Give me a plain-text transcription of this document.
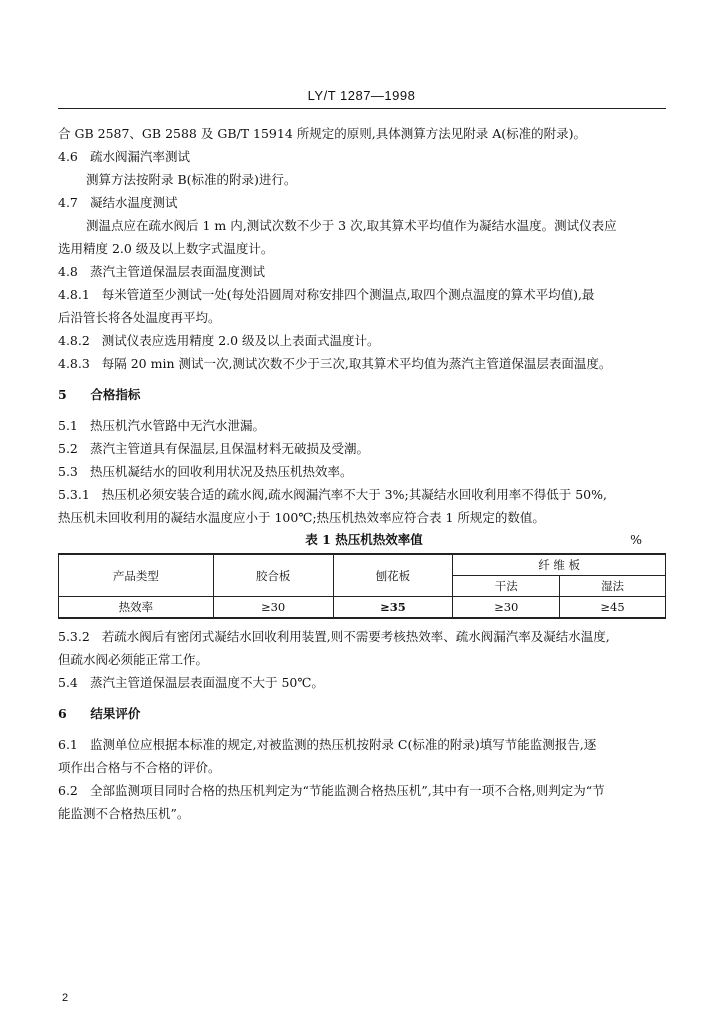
LY/T 1287—1998
合 GB 2587、GB 2588 及 GB/T 15914 所规定的原则,具体测算方法见附录 A(标准的附录)。
4.6 疏水阀漏汽率测试
测算方法按附录 B(标准的附录)进行。
4.7 凝结水温度测试
测温点应在疏水阀后 1 m 内,测试次数不少于 3 次,取其算术平均值作为凝结水温度。测试仪表应
选用精度 2.0 级及以上数字式温度计。
4.8 蒸汽主管道保温层表面温度测试
4.8.1 每米管道至少测试一处(每处沿圆周对称安排四个测温点,取四个测点温度的算术平均值),最
后沿管长将各处温度再平均。
4.8.2 测试仪表应选用精度 2.0 级及以上表面式温度计。
4.8.3 每隔 20 min 测试一次,测试次数不少于三次,取其算术平均值为蒸汽主管道保温层表面温度。
5 合格指标
5.1 热压机汽水管路中无汽水泄漏。
5.2 蒸汽主管道具有保温层,且保温材料无破损及受潮。
5.3 热压机凝结水的回收利用状况及热压机热效率。
5.3.1 热压机必须安装合适的疏水阀,疏水阀漏汽率不大于 3%;其凝结水回收利用率不得低于 50%,
热压机未回收利用的凝结水温度应小于 100℃;热压机热效率应符合表 1 所规定的数值。
表 1 热压机热效率值	%
产品类型	胶合板	刨花板	纤 维 板	
			干法	湿法
热效率	≥30	≥35	≥30	≥45
5.3.2 若疏水阀后有密闭式凝结水回收利用装置,则不需要考核热效率、疏水阀漏汽率及凝结水温度,
但疏水阀必须能正常工作。
5.4 蒸汽主管道保温层表面温度不大于 50℃。
6 结果评价
6.1 监测单位应根据本标准的规定,对被监测的热压机按附录 C(标准的附录)填写节能监测报告,逐
项作出合格与不合格的评价。
6.2 全部监测项目同时合格的热压机判定为“节能监测合格热压机”,其中有一项不合格,则判定为“节
能监测不合格热压机”。
2
